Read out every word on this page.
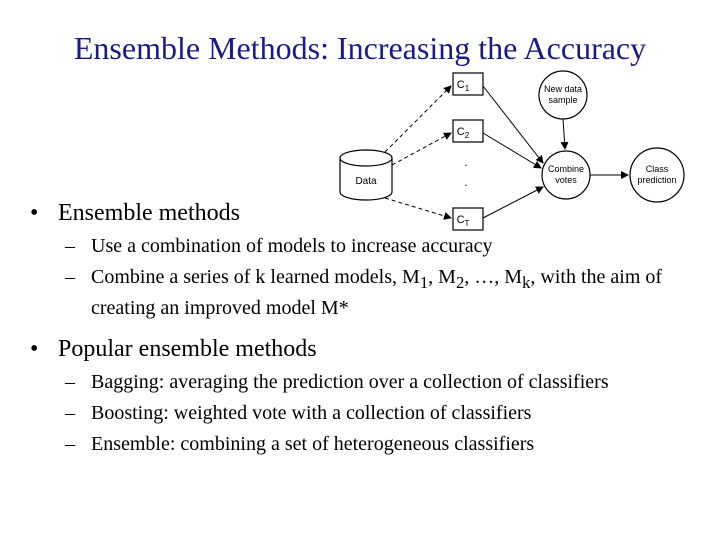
Ensemble Methods: Increasing the Accuracy
Data
$C_1$
$C_2$
.
.
$C_T$
New data
sample
Combine
votes
Class
prediction
• Ensemble methods
– Use a combination of models to increase accuracy
– Combine a series of k learned models, $M_1$, $M_2$, …, $M_k$, with the aim of creating an improved model M*
• Popular ensemble methods
– Bagging: averaging the prediction over a collection of classifiers
– Boosting: weighted vote with a collection of classifiers
– Ensemble: combining a set of heterogeneous classifiers
